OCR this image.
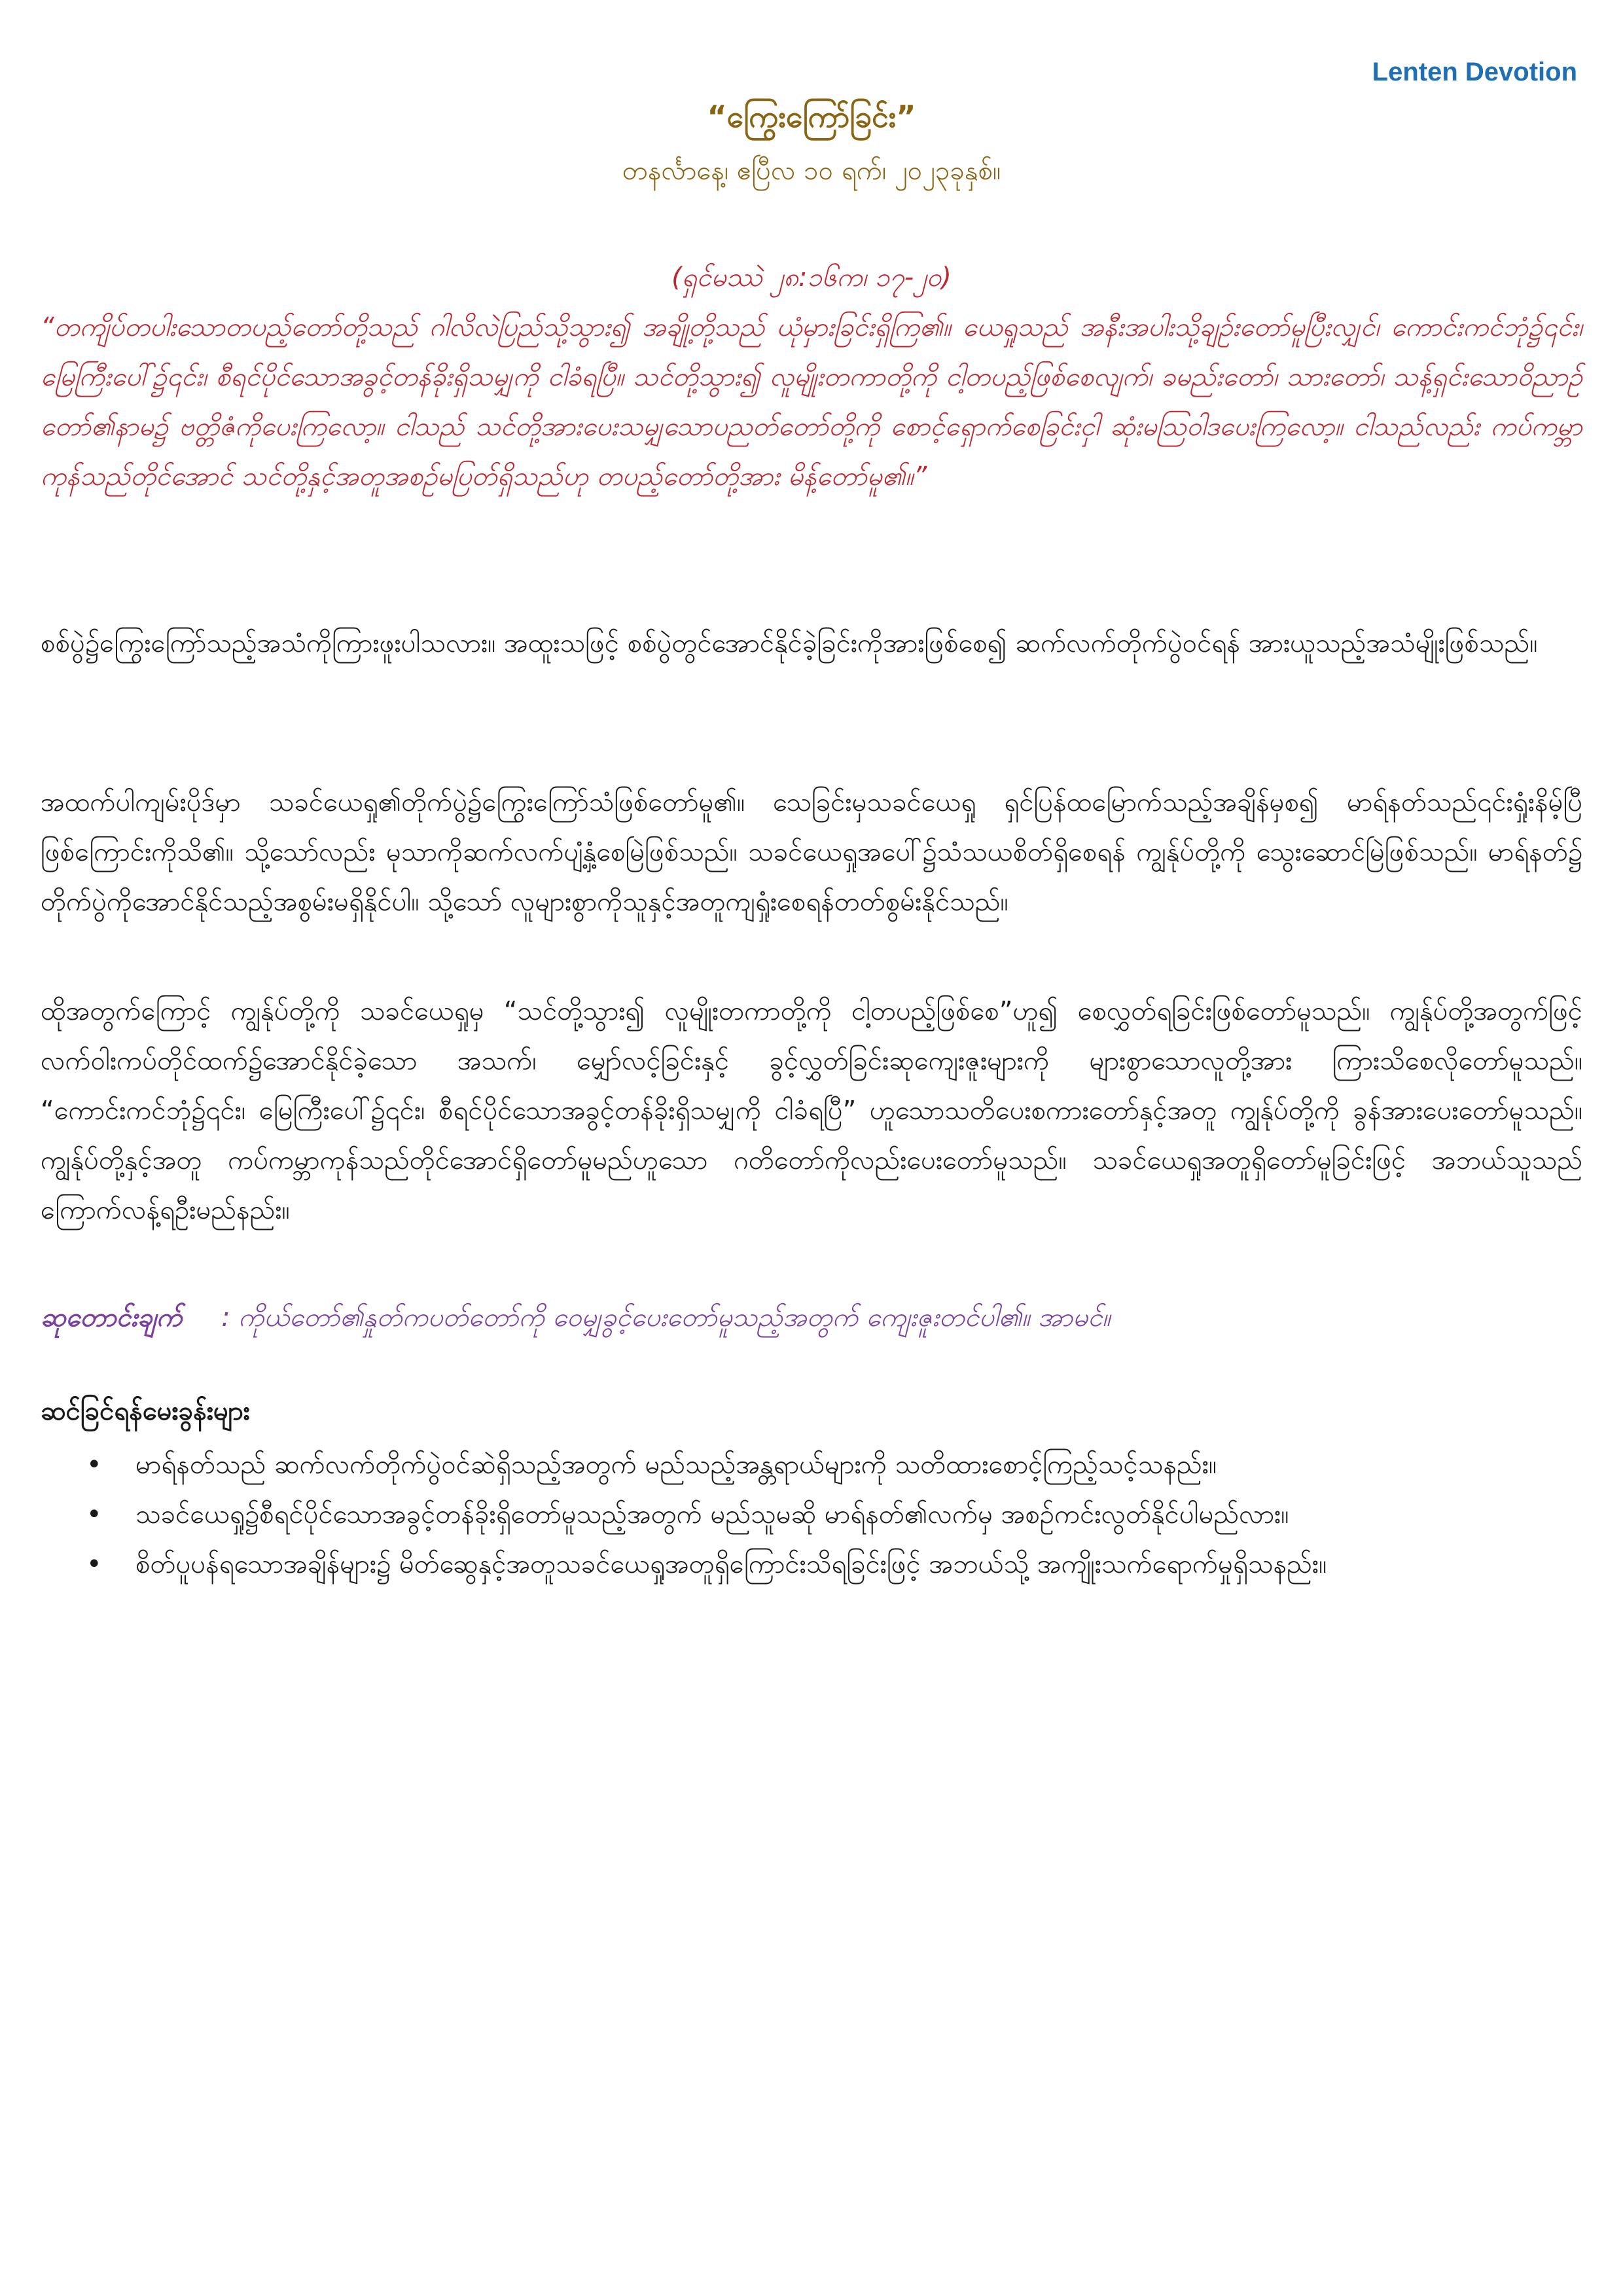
Lenten Devotion
“ကြွေးကြော်ခြင်း”
တနင်္လာနေ့၊ ဧပြီလ ၁၀ ရက်၊ ၂၀၂၃ခုနှစ်။
(ရှင်မဿဲ ၂၈:၁၆က၊ ၁၇-၂၀)
“တကျိပ်တပါးသောတပည့်တော်တို့သည် ဂါလိလဲပြည်သို့သွား၍ အချို့တို့သည် ယုံမှားခြင်းရှိကြ၏။ ယေရှုသည် အနီးအပါးသို့ချဉ်းတော်မူပြီးလျှင်၊ ကောင်းကင်ဘုံ၌၎င်း၊ မြေကြီးပေါ်၌၎င်း၊ စီရင်ပိုင်သောအခွင့်တန်ခိုးရှိသမျှကို ငါခံရပြီ။ သင်တို့သွား၍ လူမျိုးတကာတို့ကို ငါ့တပည့်ဖြစ်စေလျက်၊ ခမည်းတော်၊ သားတော်၊ သန့်ရှင်းသောဝိညာဉ်တော်၏နာမ၌ ဗတ္တိဇံကိုပေးကြလော့။ ငါသည် သင်တို့အားပေးသမျှသောပညတ်တော်တို့ကို စောင့်ရှောက်စေခြင်းငှါ ဆုံးမသြဝါဒပေးကြလော့။ ငါသည်လည်း ကပ်ကမ္ဘာကုန်သည်တိုင်အောင် သင်တို့နှင့်အတူအစဉ်မပြတ်ရှိသည်ဟု တပည့်တော်တို့အား မိန့်တော်မူ၏။”
စစ်ပွဲ၌ကြွေးကြော်သည့်အသံကိုကြားဖူးပါသလား။ အထူးသဖြင့် စစ်ပွဲတွင်အောင်နိုင်ခဲ့ခြင်းကိုအားဖြစ်စေ၍ ဆက်လက်တိုက်ပွဲဝင်ရန် အားယူသည့်အသံမျိုးဖြစ်သည်။
အထက်ပါကျမ်းပိုဒ်မှာ သခင်ယေရှု၏တိုက်ပွဲ၌ကြွေးကြော်သံဖြစ်တော်မူ၏။ သေခြင်းမှသခင်ယေရှု ရှင်ပြန်ထမြောက်သည့်အချိန်မှစ၍ မာရ်နတ်သည်၎င်းရှုံးနိမ့်ပြီဖြစ်ကြောင်းကိုသိ၏။ သို့သော်လည်း မုသာကိုဆက်လက်ပျံ့နှံ့စေမြဲဖြစ်သည်။ သခင်ယေရှုအပေါ်၌သံသယစိတ်ရှိစေရန် ကျွန်ုပ်တို့ကို သွေးဆောင်မြဲဖြစ်သည်။ မာရ်နတ်၌ တိုက်ပွဲကိုအောင်နိုင်သည့်အစွမ်းမရှိနိုင်ပါ။ သို့သော် လူများစွာကိုသူနှင့်အတူကျရှုံးစေရန်တတ်စွမ်းနိုင်သည်။
ထိုအတွက်ကြောင့် ကျွန်ုပ်တို့ကို သခင်ယေရှုမှ “သင်တို့သွား၍ လူမျိုးတကာတို့ကို ငါ့တပည့်ဖြစ်စေ”ဟူ၍ စေလွှတ်ရခြင်းဖြစ်တော်မူသည်။ ကျွန်ုပ်တို့အတွက်ဖြင့် လက်ဝါးကပ်တိုင်ထက်၌အောင်နိုင်ခဲ့သော အသက်၊ မျှော်လင့်ခြင်းနှင့် ခွင့်လွှတ်ခြင်းဆုကျေးဇူးများကို များစွာသောလူတို့အား ကြားသိစေလိုတော်မူသည်။ “ကောင်းကင်ဘုံ၌၎င်း၊ မြေကြီးပေါ်၌၎င်း၊ စီရင်ပိုင်သောအခွင့်တန်ခိုးရှိသမျှကို ငါခံရပြီ” ဟူသောသတိပေးစကားတော်နှင့်အတူ ကျွန်ုပ်တို့ကို ခွန်အားပေးတော်မူသည်။ ကျွန်ုပ်တို့နှင့်အတူ ကပ်ကမ္ဘာကုန်သည်တိုင်အောင်ရှိတော်မူမည်ဟူသော ဂတိတော်ကိုလည်းပေးတော်မူသည်။ သခင်ယေရှုအတူရှိတော်မူခြင်းဖြင့် အဘယ်သူသည်ကြောက်လန့်ရဦးမည်နည်း။
ဆုတောင်းချက် : ကိုယ်တော်၏နှုတ်ကပတ်တော်ကို ဝေမျှခွင့်ပေးတော်မူသည့်အတွက် ကျေးဇူးတင်ပါ၏။ အာမင်။
ဆင်ခြင်ရန်မေးခွန်းများ
• မာရ်နတ်သည် ဆက်လက်တိုက်ပွဲဝင်ဆဲရှိသည့်အတွက် မည်သည့်အန္တရာယ်များကို သတိထားစောင့်ကြည့်သင့်သနည်း။
• သခင်ယေရှု၌စီရင်ပိုင်သောအခွင့်တန်ခိုးရှိတော်မူသည့်အတွက် မည်သူမဆို မာရ်နတ်၏လက်မှ အစဉ်ကင်းလွတ်နိုင်ပါမည်လား။
• စိတ်ပူပန်ရသောအချိန်များ၌ မိတ်ဆွေနှင့်အတူသခင်ယေရှုအတူရှိကြောင်းသိရခြင်းဖြင့် အဘယ်သို့ အကျိုးသက်ရောက်မှုရှိသနည်း။
